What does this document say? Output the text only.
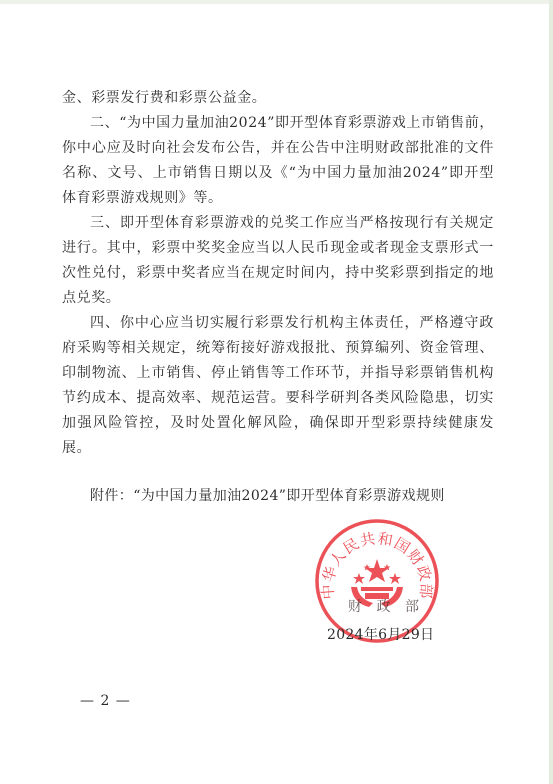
金、彩票发行费和彩票公益金。

二、“为中国力量加油2024”即开型体育彩票游戏上市销售前，你中心应及时向社会发布公告，并在公告中注明财政部批准的文件名称、文号、上市销售日期以及《“为中国力量加油2024”即开型体育彩票游戏规则》等。

三、即开型体育彩票游戏的兑奖工作应当严格按现行有关规定进行。其中，彩票中奖奖金应当以人民币现金或者现金支票形式一次性兑付，彩票中奖者应当在规定时间内，持中奖彩票到指定的地点兑奖。

四、你中心应当切实履行彩票发行机构主体责任，严格遵守政府采购等相关规定，统筹衔接好游戏报批、预算编列、资金管理、印制物流、上市销售、停止销售等工作环节，并指导彩票销售机构节约成本、提高效率、规范运营。要科学研判各类风险隐患，切实加强风险管控，及时处置化解风险，确保即开型彩票持续健康发展。

附件：“为中国力量加油2024”即开型体育彩票游戏规则
中华人民共和国财政部
财 政 部
2024年6月29日
— 2 —
